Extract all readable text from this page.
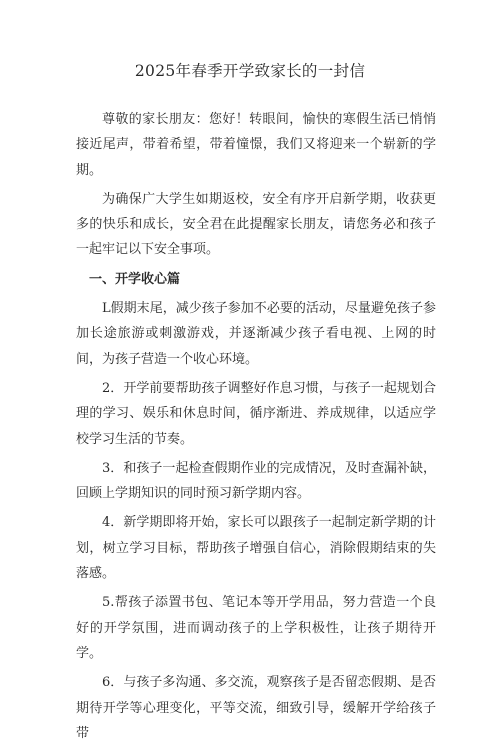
2025年春季开学致家长的一封信

尊敬的家长朋友：您好！转眼间，愉快的寒假生活已悄悄接近尾声，带着希望，带着憧憬，我们又将迎来一个崭新的学期。

为确保广大学生如期返校，安全有序开启新学期，收获更多的快乐和成长，安全君在此提醒家长朋友，请您务必和孩子一起牢记以下安全事项。

一、开学收心篇

L假期末尾，减少孩子参加不必要的活动，尽量避免孩子参加长途旅游或刺激游戏，并逐渐减少孩子看电视、上网的时间，为孩子营造一个收心环境。

2．开学前要帮助孩子调整好作息习惯，与孩子一起规划合理的学习、娱乐和休息时间，循序渐进、养成规律，以适应学校学习生活的节奏。

3．和孩子一起检查假期作业的完成情况，及时查漏补缺，回顾上学期知识的同时预习新学期内容。

4．新学期即将开始，家长可以跟孩子一起制定新学期的计划，树立学习目标，帮助孩子增强自信心，消除假期结束的失落感。

5.帮孩子添置书包、笔记本等开学用品，努力营造一个良好的开学氛围，进而调动孩子的上学积极性，让孩子期待开学。

6．与孩子多沟通、多交流，观察孩子是否留恋假期、是否期待开学等心理变化，平等交流，细致引导，缓解开学给孩子带
